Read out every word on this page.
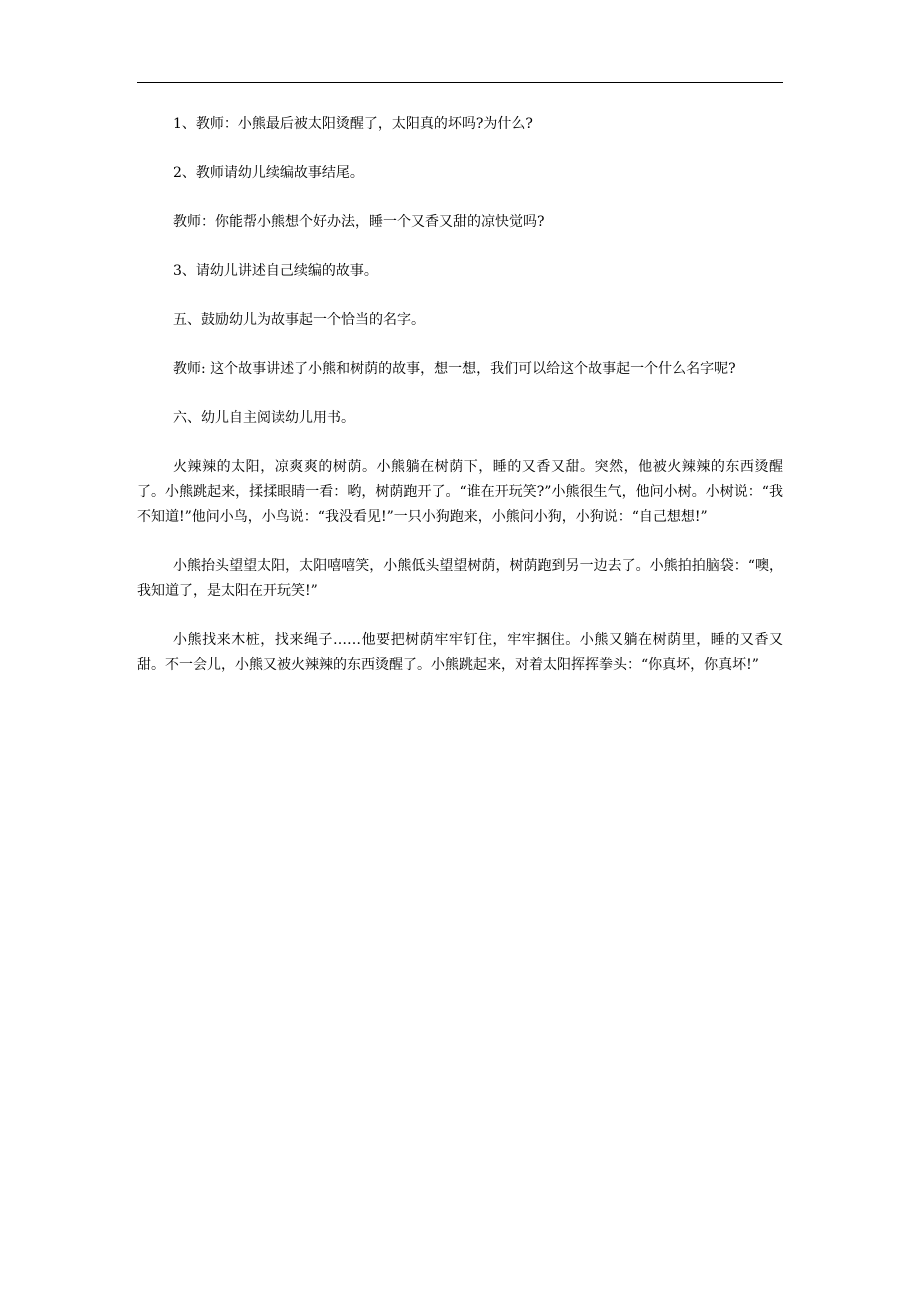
1、教师：小熊最后被太阳烫醒了，太阳真的坏吗?为什么?

2、教师请幼儿续编故事结尾。

教师：你能帮小熊想个好办法，睡一个又香又甜的凉快觉吗?

3、请幼儿讲述自己续编的故事。

五、鼓励幼儿为故事起一个恰当的名字。

教师: 这个故事讲述了小熊和树荫的故事，想一想，我们可以给这个故事起一个什么名字呢?

六、幼儿自主阅读幼儿用书。

火辣辣的太阳，凉爽爽的树荫。小熊躺在树荫下，睡的又香又甜。突然，他被火辣辣的东西烫醒了。小熊跳起来，揉揉眼睛一看：哟，树荫跑开了。“谁在开玩笑?”小熊很生气，他问小树。小树说：“我不知道!”他问小鸟，小鸟说：“我没看见!”一只小狗跑来，小熊问小狗，小狗说：“自己想想!”

小熊抬头望望太阳，太阳嘻嘻笑，小熊低头望望树荫，树荫跑到另一边去了。小熊拍拍脑袋：“噢，我知道了，是太阳在开玩笑!”

小熊找来木桩，找来绳子……他要把树荫牢牢钉住，牢牢捆住。小熊又躺在树荫里，睡的又香又甜。不一会儿，小熊又被火辣辣的东西烫醒了。小熊跳起来，对着太阳挥挥拳头：“你真坏，你真坏!”
